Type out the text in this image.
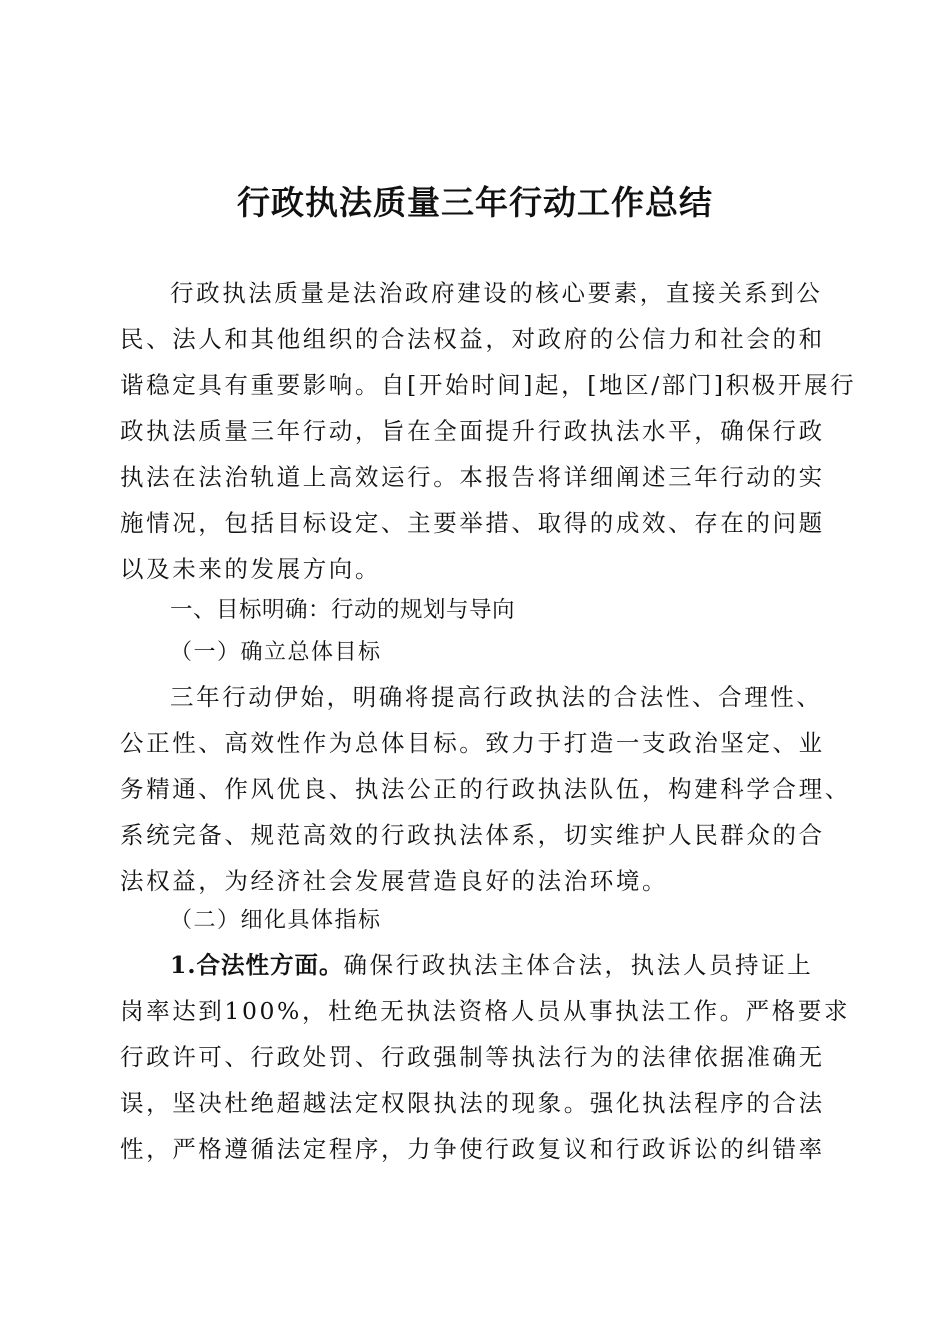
行政执法质量三年行动工作总结

行政执法质量是法治政府建设的核心要素，直接关系到公

民、法人和其他组织的合法权益，对政府的公信力和社会的和

谐稳定具有重要影响。自[开始时间]起，[地区/部门]积极开展行

政执法质量三年行动，旨在全面提升行政执法水平，确保行政

执法在法治轨道上高效运行。本报告将详细阐述三年行动的实

施情况，包括目标设定、主要举措、取得的成效、存在的问题

以及未来的发展方向。

一、目标明确：行动的规划与导向

（一）确立总体目标

三年行动伊始，明确将提高行政执法的合法性、合理性、

公正性、高效性作为总体目标。致力于打造一支政治坚定、业

务精通、作风优良、执法公正的行政执法队伍，构建科学合理、

系统完备、规范高效的行政执法体系，切实维护人民群众的合

法权益，为经济社会发展营造良好的法治环境。

（二）细化具体指标

1.合法性方面。确保行政执法主体合法，执法人员持证上

岗率达到100%，杜绝无执法资格人员从事执法工作。严格要求

行政许可、行政处罚、行政强制等执法行为的法律依据准确无

误，坚决杜绝超越法定权限执法的现象。强化执法程序的合法

性，严格遵循法定程序，力争使行政复议和行政诉讼的纠错率
